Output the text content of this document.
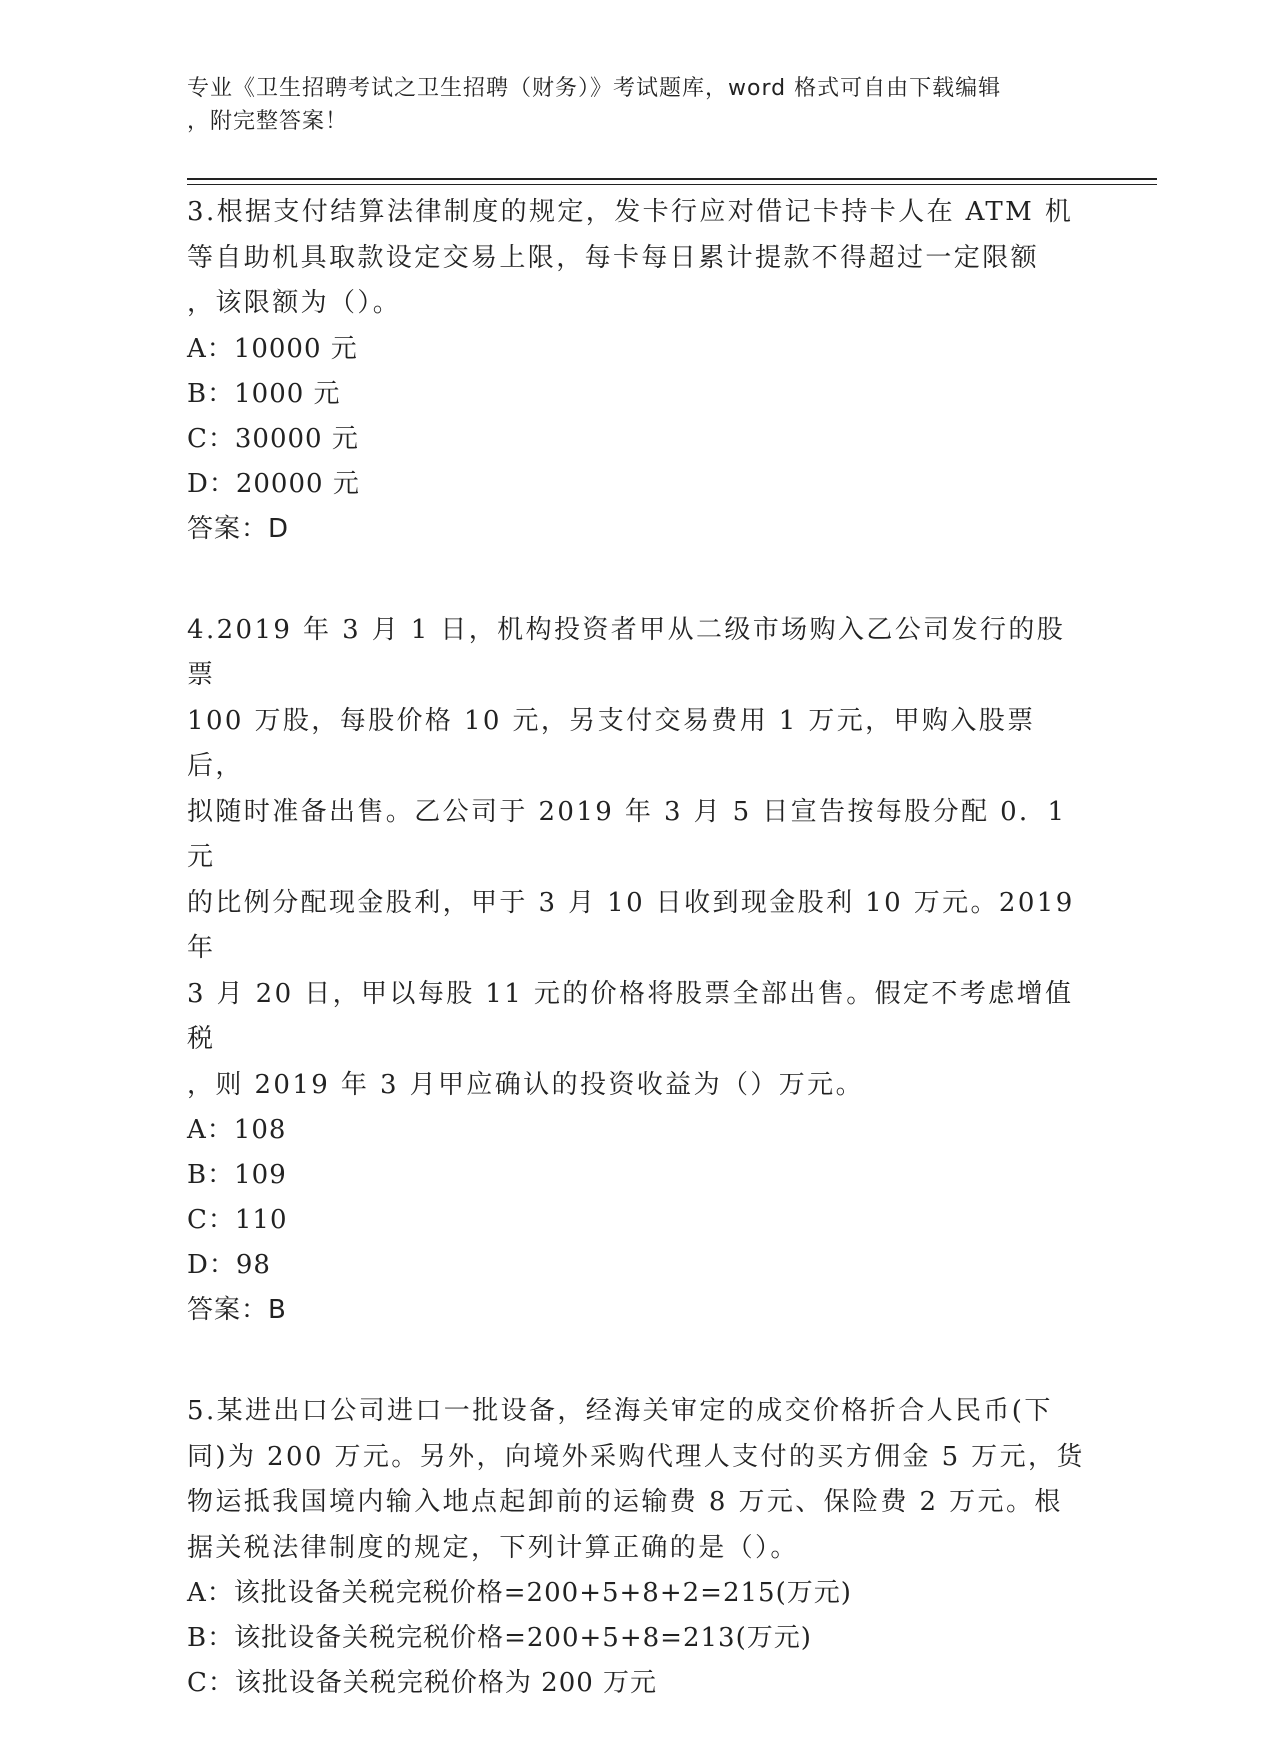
专业《卫生招聘考试之卫生招聘（财务）》考试题库，word 格式可自由下载编辑
，附完整答案！
3.根据支付结算法律制度的规定，发卡行应对借记卡持卡人在 ATM 机
等自助机具取款设定交易上限，每卡每日累计提款不得超过一定限额
，该限额为（）。
A：10000 元
B：1000 元
C：30000 元
D：20000 元
答案：D
4.2019 年 3 月 1 日，机构投资者甲从二级市场购入乙公司发行的股票
100 万股，每股价格 10 元，另支付交易费用 1 万元，甲购入股票后，
拟随时准备出售。乙公司于 2019 年 3 月 5 日宣告按每股分配 0．1 元
的比例分配现金股利，甲于 3 月 10 日收到现金股利 10 万元。2019 年
3 月 20 日，甲以每股 11 元的价格将股票全部出售。假定不考虑增值税
，则 2019 年 3 月甲应确认的投资收益为（）万元。
A：108
B：109
C：110
D：98
答案：B
5.某进出口公司进口一批设备，经海关审定的成交价格折合人民币(下
同)为 200 万元。另外，向境外采购代理人支付的买方佣金 5 万元，货
物运抵我国境内输入地点起卸前的运输费 8 万元、保险费 2 万元。根
据关税法律制度的规定，下列计算正确的是（）。
A：该批设备关税完税价格=200+5+8+2=215(万元)
B：该批设备关税完税价格=200+5+8=213(万元)
C：该批设备关税完税价格为 200 万元
